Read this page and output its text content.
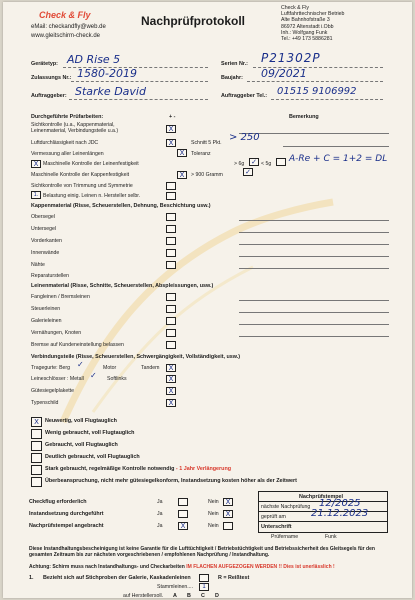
Check & Fly
eMail: checkandfly@web.de
www.gleitschirm-check.de
Nachprüfprotokoll
Check & Fly
Luftfahrttechnischer Betrieb
Alte Bahnhofstraße 3
86972 Altenstadt i.Obb
Inh.: Wolfgang Funk
Tel.: +49 173 5886281
Gerätetyp: AD Rise 5	Serien Nr.: P21302P
Zulassungs Nr.: 1580-2019	Baujahr: 09/2021
Auftraggeber: Starke David	Auftraggeber Tel.: 01515 9106992
Durchgeführte Prüfarbeiten:	+ -	Bemerkung
Sichtkontrolle (u.a., Kappenmaterial,
Leinenmaterial, Verbindungsteile u.a.)	X
Luftdurchlässigkeit nach JDC	X	Schnitt 5 Pkt. > 250
Vermessung aller Leinenlängen	X	Toleranz
Maschinelle Kontrolle der Leinenfestigkeit
X	> 6g ✓ < 5g A-Re + C = 1+2 = DL
Maschinelle Kontrolle der Kappenfestigkeit	X	> 900 Gramm	✓
Sichtkontrolle von Trimmung und Symmetrie
1. Belastung einig. Leinen n. Hersteller selbr.
Kappenmaterial (Risse, Scheuerstellen, Dehnung, Beschichtung usw.)
Obersegel
Untersegel
Vorderkanten
Innenwände
Nähte
Reparaturstellen
Leinenmaterial (Risse, Schnitte, Scheuerstellen, Abspleissungen, usw.)
Fangleinen / Bremsleinen
Steuerleinen
Galerieleinen
Vernähungen, Knoten
Bremse auf Kundeneinstellung belassen
Verbindungsteile (Risse, Scheuerstellen, Schwergängigkeit, Vollständigkeit, usw.)
Tragegurte: Berg ✓	Motor	Tandem	X
Leineschlösser : Metall ✓ Softlinks	X
Gütesiegelplakette	X
Typenschild	X
X	Neuwertig, voll Flugtauglich
Wenig gebraucht, voll Flugtauglich
Gebraucht, voll Flugtauglich
Deutlich gebraucht, voll Flugtauglich
Stark gebraucht, regelmäßige Kontrolle notwendig - 1 Jahr Verlängerung
Überbeanspruchung, nicht mehr gütesiegelkonform, Instandsetzung kosten höher als der Zeitwert
Checkflug erforderlich	Ja	Nein X
Instandsetzung durchgeführt	Ja	Nein X
Nachprüfstempel angebracht	Ja	X	Nein
Nachprüfstempel
nächste Nachprüfung 12/2025
geprüft am	21.12.2023
Unterschrift
Prüfername	Funk
Diese Instandhaltungsbescheinigung ist keine Garantie für die Lufttüchtigkeit / Betriebstüchtigkeit und Betriebssicherheit des Gleitsegels für den gesamten Zeitraum bis zur nächsten vorgeschriebenen / empfohlenen Nachprüfung / Instandhaltung.
Achtung: Schirm muss nach Instandhaltungs- und Checkarbeiten IM FLACHEN AUFGEZOGEN WERDEN !! Dies ist unerlässlich !
1. Bezieht sich auf Stichproben der Galerie, Kaskadenleinen	R = Reißtest
Stammleinen....	1
auf Herstellersoll. A B C D
